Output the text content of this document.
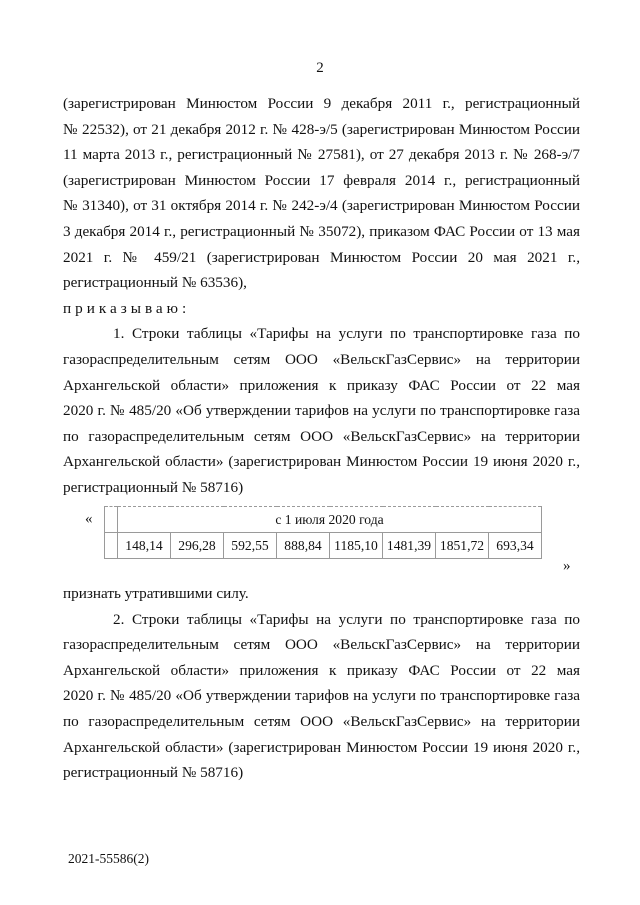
2
(зарегистрирован Минюстом России 9 декабря 2011 г., регистрационный
№ 22532), от 21 декабря 2012 г. № 428-э/5 (зарегистрирован Минюстом России
11 марта 2013 г., регистрационный № 27581), от 27 декабря 2013 г. № 268-э/7
(зарегистрирован Минюстом России 17 февраля 2014 г., регистрационный
№ 31340), от 31 октября 2014 г. № 242-э/4 (зарегистрирован Минюстом России
3 декабря 2014 г., регистрационный № 35072), приказом ФАС России от 13 мая
2021 г. № 459/21 (зарегистрирован Минюстом России 20 мая 2021 г.,
регистрационный № 63536),
приказываю:
1. Строки таблицы «Тарифы на услуги по транспортировке газа по
газораспределительным сетям ООО «ВельскГазСервис» на территории
Архангельской области» приложения к приказу ФАС России от 22 мая
2020 г. № 485/20 «Об утверждении тарифов на услуги по транспортировке газа
по газораспределительным сетям ООО «ВельскГазСервис» на территории
Архангельской области» (зарегистрирован Минюстом России 19 июня 2020 г.,
регистрационный № 58716)
«
		с 1 июля 2020 года							
	148,14	296,28	592,55	888,84	1185,10	1481,39	1851,72	693,34
»
признать утратившими силу.
2. Строки таблицы «Тарифы на услуги по транспортировке газа по
газораспределительным сетям ООО «ВельскГазСервис» на территории
Архангельской области» приложения к приказу ФАС России от 22 мая
2020 г. № 485/20 «Об утверждении тарифов на услуги по транспортировке газа
по газораспределительным сетям ООО «ВельскГазСервис» на территории
Архангельской области» (зарегистрирован Минюстом России 19 июня 2020 г.,
регистрационный № 58716)
2021-55586(2)
